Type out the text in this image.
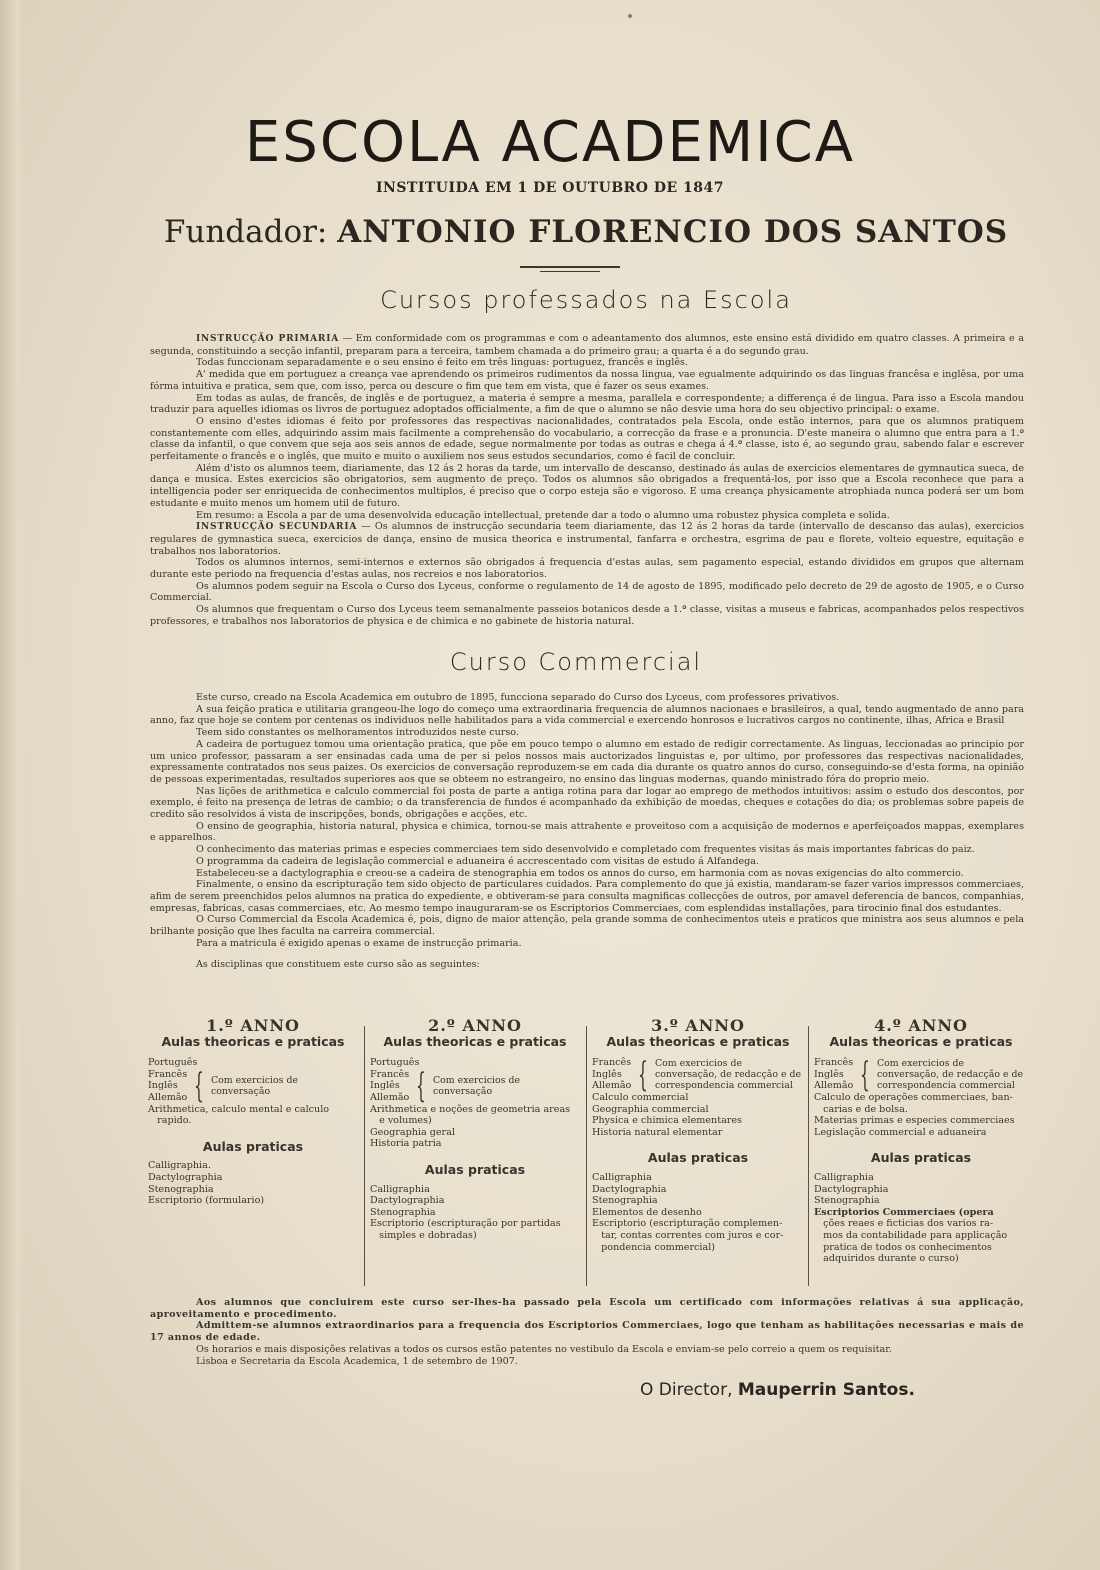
ESCOLA ACADEMICA
INSTITUIDA EM 1 DE OUTUBRO DE 1847
Fundador: ANTONIO FLORENCIO DOS SANTOS
Cursos professados na Escola

INSTRUCÇÃO PRIMARIA — Em conformidade com os programmas e com o adeantamento dos alumnos, este ensino está dividido em quatro classes. A primeira e a segunda, constituindo a secção infantil, preparam para a terceira, tambem chamada a do primeiro grau; a quarta é a do segundo grau.

Todas funccionam separadamente e o seu ensino é feito em três linguas: portuguez, francês e inglês.

A' medida que em portuguez a creança vae aprendendo os primeiros rudimentos da nossa lingua, vae egualmente adquirindo os das linguas francêsa e inglêsa, por uma fórma intuitiva e pratica, sem que, com isso, perca ou descure o fim que tem em vista, que é fazer os seus exames.

Em todas as aulas, de francês, de inglês e de portuguez, a materia é sempre a mesma, parallela e correspondente; a differença é de lingua. Para isso a Escola mandou traduzir para aquelles idiomas os livros de portuguez adoptados officialmente, a fim de que o alumno se não desvie uma hora do seu objectivo principal: o exame.

O ensino d'estes idiomas é feito por professores das respectivas nacionalidades, contratados pela Escola, onde estão internos, para que os alumnos pratiquem constantemente com elles, adquirindo assim mais facilmente a comprehensão do vocabulario, a correcção da frase e a pronuncia. D'este maneira o alumno que entra para a 1.ª classe da infantil, o que convem que seja aos seis annos de edade, segue normalmente por todas as outras e chega á 4.ª classe, isto é, ao segundo grau, sabendo falar e escrever perfeitamente o francês e o inglês, que muito e muito o auxiliem nos seus estudos secundarios, como é facil de concluir.

Além d'isto os alumnos teem, diariamente, das 12 ás 2 horas da tarde, um intervallo de descanso, destinado ás aulas de exercicios elementares de gymnautica sueca, de dança e musica. Estes exercicios são obrigatorios, sem augmento de preço. Todos os alumnos são obrigados a frequentá-los, por isso que a Escola reconhece que para a intelligencia poder ser enriquecida de conhecimentos multiplos, é preciso que o corpo esteja são e vigoroso. E uma creança physicamente atrophiada nunca poderá ser um bom estudante e muito menos um homem util de futuro.

Em resumo: a Escola a par de uma desenvolvida educação intellectual, pretende dar a todo o alumno uma robustez physica completa e solida.

INSTRUCÇÃO SECUNDARIA — Os alumnos de instrucção secundaria teem diariamente, das 12 ás 2 horas da tarde (intervallo de descanso das aulas), exercicios regulares de gymnastica sueca, exercicios de dança, ensino de musica theorica e instrumental, fanfarra e orchestra, esgrima de pau e florete, volteio equestre, equitação e trabalhos nos laboratorios.

Todos os alumnos internos, semi-internos e externos são obrigados á frequencia d'estas aulas, sem pagamento especial, estando divididos em grupos que alternam durante este periodo na frequencia d'estas aulas, nos recreios e nos laboratorios.

Os alumnos podem seguir na Escola o Curso dos Lyceus, conforme o regulamento de 14 de agosto de 1895, modificado pelo decreto de 29 de agosto de 1905, e o Curso Commercial.

Os alumnos que frequentam o Curso dos Lyceus teem semanalmente passeios botanicos desde a 1.ª classe, visitas a museus e fabricas, acompanhados pelos respectivos professores, e trabalhos nos laboratorios de physica e de chimica e no gabinete de historia natural.

Curso Commercial

Este curso, creado na Escola Academica em outubro de 1895, funcciona separado do Curso dos Lyceus, com professores privativos.

A sua feição pratica e utilitaria grangeou-lhe logo do começo uma extraordinaria frequencia de alumnos nacionaes e brasileiros, a qual, tendo augmentado de anno para anno, faz que hoje se contem por centenas os individuos nelle habilitados para a vida commercial e exercendo honrosos e lucrativos cargos no continente, ilhas, Africa e Brasil

Teem sido constantes os melhoramentos introduzidos neste curso.

A cadeira de portuguez tomou uma orientação pratica, que põe em pouco tempo o alumno em estado de redigir correctamente. As linguas, leccionadas ao principio por um unico professor, passaram a ser ensinadas cada uma de per si pelos nossos mais auctorizados linguistas e, por ultimo, por professores das respectivas nacionalidades, expressamente contratados nos seus paizes. Os exercicios de conversação reproduzem-se em cada dia durante os quatro annos do curso, conseguindo-se d'esta forma, na opinião de pessoas experimentadas, resultados superiores aos que se obteem no estrangeiro, no ensino das linguas modernas, quando ministrado fóra do proprio meio.

Nas lições de arithmetica e calculo commercial foi posta de parte a antiga rotina para dar logar ao emprego de methodos intuitivos: assim o estudo dos descontos, por exemplo, é feito na presença de letras de cambio; o da transferencia de fundos é acompanhado da exhibição de moedas, cheques e cotações do dia; os problemas sobre papeis de credito são resolvidos á vista de inscripções, bonds, obrigações e acções, etc.

O ensino de geographia, historia natural, physica e chimica, tornou-se mais attrahente e proveitoso com a acquisição de modernos e aperfeiçoados mappas, exemplares e apparelhos.

O conhecimento das materias primas e especies commerciaes tem sido desenvolvido e completado com frequentes visitas ás mais importantes fabricas do paiz.

O programma da cadeira de legislação commercial e aduaneira é accrescentado com visitas de estudo á Alfandega.

Estabeleceu-se a dactylographia e creou-se a cadeira de stenographia em todos os annos do curso, em harmonia com as novas exigencias do alto commercio.

Finalmente, o ensino da escripturação tem sido objecto de particulares cuidados. Para complemento do que já existia, mandaram-se fazer varios impressos commerciaes, afim de serem preenchidos pelos alumnos na pratica do expediente, e obtiveram-se para consulta magnificas collecções de outros, por amavel deferencia de bancos, companhias, empresas, fabricas, casas commerciaes, etc. Ao mesmo tempo inauguraram-se os Escriptorios Commerciaes, com esplendidas installações, para tirocinio final dos estudantes.

O Curso Commercial da Escola Academica é, pois, digno de maior attenção, pela grande somma de conhecimentos uteis e praticos que ministra aos seus alumnos e pela brilhante posição que lhes faculta na carreira commercial.

Para a matricula é exigido apenas o exame de instrucção primaria.

As disciplinas que constituem este curso são as seguintes:

1.º ANNO
Aulas theoricas e praticas
Português
Francês
Inglês
Allemão { Com exercicios de conversação
Arithmetica, calculo mental e calculo
rapido.
Aulas praticas
Calligraphia.
Dactylographia
Stenographia
Escriptorio (formulario)
2.º ANNO
Aulas theoricas e praticas
Português
Francês
Inglês
Allemão { Com exercicios de conversação
Arithmetica e noções de geometria areas
e volumes)
Geographia geral
Historia patria
Aulas praticas
Calligraphia
Dactylographia
Stenographia
Escriptorio (escripturação por partidas
simples e dobradas)
3.º ANNO
Aulas theoricas e praticas
Francês
Inglês
Allemão { Com exercicios de conversação, de redacção e de correspondencia commercial
Calculo commercial
Geographia commercial
Physica e chimica elementares
Historia natural elementar
Aulas praticas
Calligraphia
Dactylographia
Stenographia
Elementos de desenho
Escriptorio (escripturação complemen-
tar, contas correntes com juros e cor-
pondencia commercial)
4.º ANNO
Aulas theoricas e praticas
Francês
Inglês
Allemão { Com exercicios de conversação, de redacção e de correspondencia commercial
Calculo de operações commerciaes, ban-
carias e de bolsa.
Materias primas e especies commerciaes
Legislação commercial e aduaneira
Aulas praticas
Calligraphia
Dactylographia
Stenographia
Escriptorios Commerciaes (opera
ções reaes e ficticias dos varios ra-
mos da contabilidade para applicação
pratica de todos os conhecimentos
adquiridos durante o curso)

Aos alumnos que concluirem este curso ser-lhes-ha passado pela Escola um certificado com informações relativas á sua applicação, aproveitamento e procedimento.

Admittem-se alumnos extraordinarios para a frequencia dos Escriptorios Commerciaes, logo que tenham as habilitações necessarias e mais de 17 annos de edade.

Os horarios e mais disposições relativas a todos os cursos estão patentes no vestibulo da Escola e enviam-se pelo correio a quem os requisitar.

Lisboa e Secretaria da Escola Academica, 1 de setembro de 1907.

O Director, Mauperrin Santos.
